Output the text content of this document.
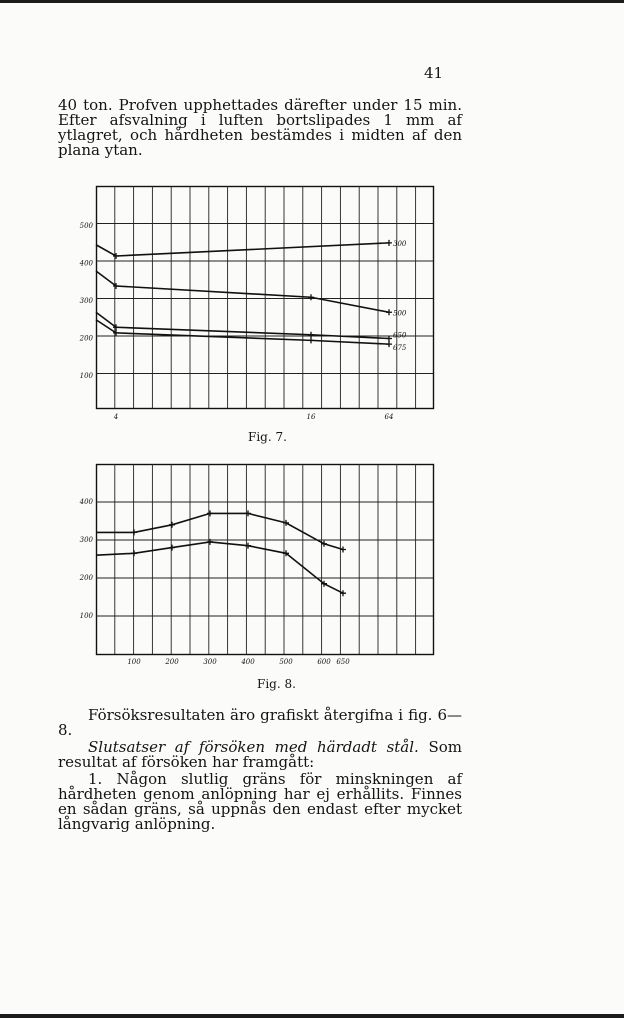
41

40 ton. Profven upphettades därefter under 15 min. Efter afsvalning i luften bortslipades 1 mm af ytlagret, och hårdheten bestämdes i midten af den plana ytan.

500
400
300
200
100
4	16	64
300
500
650
675
Fig. 7.
400
300
200
100
100	200	300	400	500	600 650
Fig. 8.

Försöksresultaten äro grafiskt återgifna i fig. 6—8.

Slutsatser af försöken med härdadt stål. Som resultat af försöken har framgått:

1. Någon slutlig gräns för minskningen af hårdheten genom anlöpning har ej erhållits. Finnes en sådan gräns, så uppnås den endast efter mycket långvarig anlöpning.
